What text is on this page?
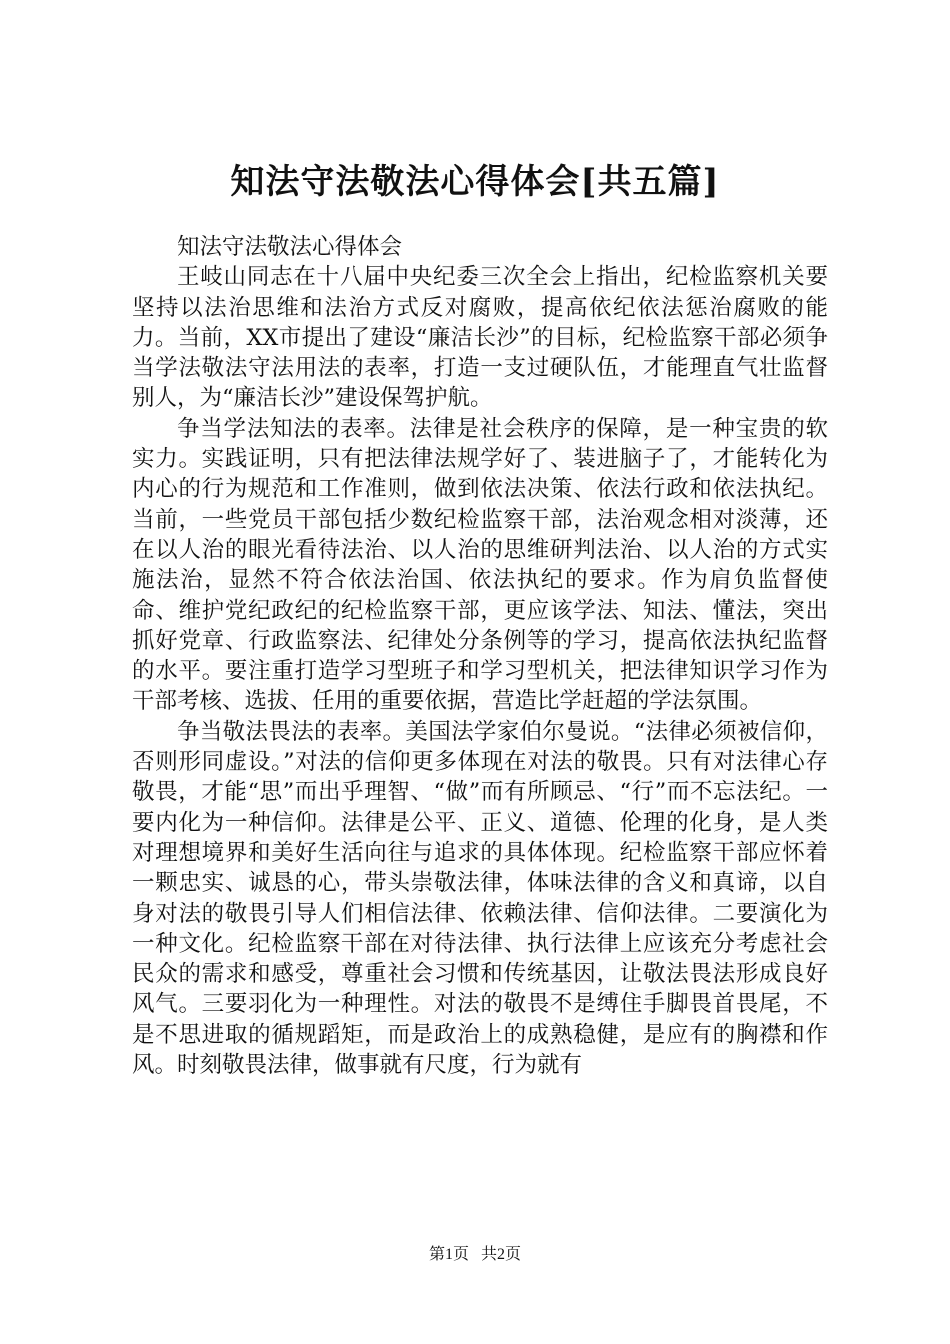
知法守法敬法心得体会[共五篇]

知法守法敬法心得体会

王岐山同志在十八届中央纪委三次全会上指出，纪检监察机关要坚持以法治思维和法治方式反对腐败，提高依纪依法惩治腐败的能力。当前，XX市提出了建设“廉洁长沙”的目标，纪检监察干部必须争当学法敬法守法用法的表率，打造一支过硬队伍，才能理直气壮监督别人，为“廉洁长沙”建设保驾护航。

争当学法知法的表率。法律是社会秩序的保障，是一种宝贵的软实力。实践证明，只有把法律法规学好了、装进脑子了，才能转化为内心的行为规范和工作准则，做到依法决策、依法行政和依法执纪。当前，一些党员干部包括少数纪检监察干部，法治观念相对淡薄，还在以人治的眼光看待法治、以人治的思维研判法治、以人治的方式实施法治，显然不符合依法治国、依法执纪的要求。作为肩负监督使命、维护党纪政纪的纪检监察干部，更应该学法、知法、懂法，突出抓好党章、行政监察法、纪律处分条例等的学习，提高依法执纪监督的水平。要注重打造学习型班子和学习型机关，把法律知识学习作为干部考核、选拔、任用的重要依据，营造比学赶超的学法氛围。

争当敬法畏法的表率。美国法学家伯尔曼说。“法律必须被信仰，否则形同虚设。”对法的信仰更多体现在对法的敬畏。只有对法律心存敬畏，才能“思”而出乎理智、“做”而有所顾忌、“行”而不忘法纪。一要内化为一种信仰。法律是公平、正义、道德、伦理的化身，是人类对理想境界和美好生活向往与追求的具体体现。纪检监察干部应怀着一颗忠实、诚恳的心，带头崇敬法律，体味法律的含义和真谛，以自身对法的敬畏引导人们相信法律、依赖法律、信仰法律。二要演化为一种文化。纪检监察干部在对待法律、执行法律上应该充分考虑社会民众的需求和感受，尊重社会习惯和传统基因，让敬法畏法形成良好风气。三要羽化为一种理性。对法的敬畏不是缚住手脚畏首畏尾，不是不思进取的循规蹈矩，而是政治上的成熟稳健，是应有的胸襟和作风。时刻敬畏法律，做事就有尺度，行为就有

第1页 共2页
